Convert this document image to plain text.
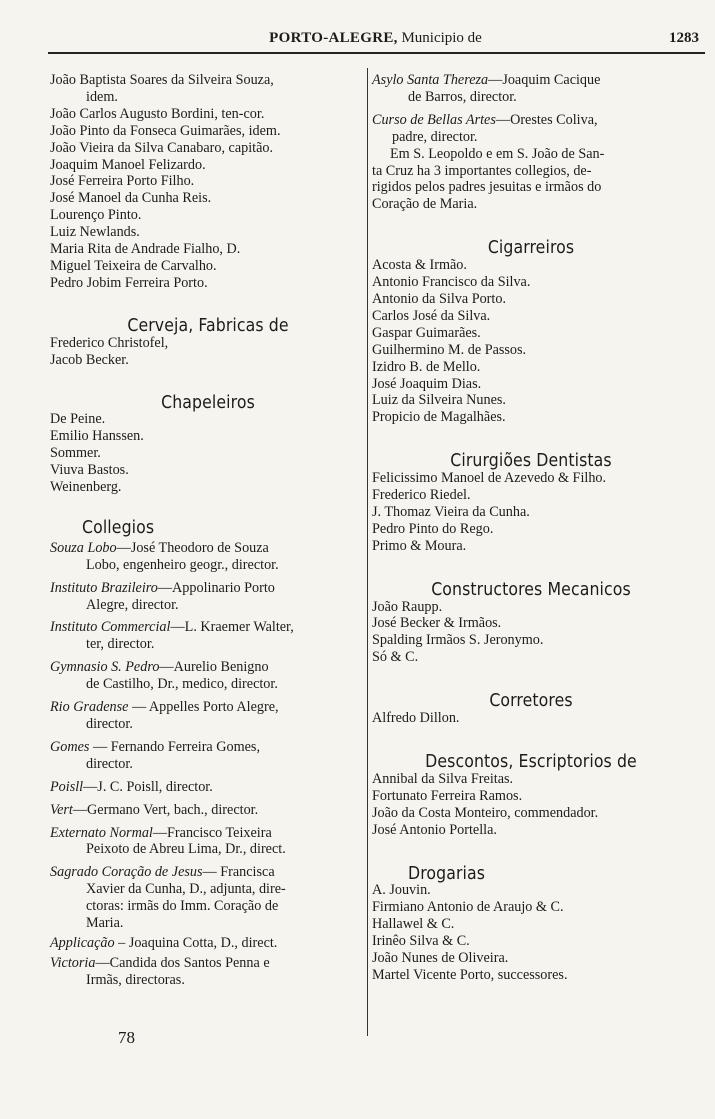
PORTO-ALEGRE, Municipio de	1283
João Baptista Soares da Silveira Souza,
idem.
João Carlos Augusto Bordini, ten-cor.
João Pinto da Fonseca Guimarães, idem.
João Vieira da Silva Canabaro, capitão.
Joaquim Manoel Felizardo.
José Ferreira Porto Filho.
José Manoel da Cunha Reis.
Lourenço Pinto.
Luiz Newlands.
Maria Rita de Andrade Fialho, D.
Miguel Teixeira de Carvalho.
Pedro Jobim Ferreira Porto.
Cerveja, Fabricas de
Frederico Christofel,
Jacob Becker.
Chapeleiros
De Peine.
Emilio Hanssen.
Sommer.
Viuva Bastos.
Weinenberg.
Collegios
Souza Lobo—José Theodoro de Souza
Lobo, engenheiro geogr., director.
Instituto Brazileiro—Appolinario Porto
Alegre, director.
Instituto Commercial—L. Kraemer Walter,
ter, director.
Gymnasio S. Pedro—Aurelio Benigno
de Castilho, Dr., medico, director.
Rio Gradense — Appelles Porto Alegre,
director.
Gomes — Fernando Ferreira Gomes,
director.
Poisll—J. C. Poisll, director.
Vert—Germano Vert, bach., director.
Externato Normal—Francisco Teixeira
Peixoto de Abreu Lima, Dr., direct.
Sagrado Coração de Jesus— Francisca
Xavier da Cunha, D., adjunta, dire-
ctoras: irmãs do Imm. Coração de
Maria.
Applicação – Joaquina Cotta, D., direct.
Victoria—Candida dos Santos Penna e
Irmãs, directoras.
78
Asylo Santa Thereza—Joaquim Cacique
de Barros, director.
Curso de Bellas Artes—Orestes Coliva,
padre, director.
Em S. Leopoldo e em S. João de San-
ta Cruz ha 3 importantes collegios, de-
rigidos pelos padres jesuitas e irmãos do
Coração de Maria.
Cigarreiros
Acosta & Irmão.
Antonio Francisco da Silva.
Antonio da Silva Porto.
Carlos José da Silva.
Gaspar Guimarães.
Guilhermino M. de Passos.
Izidro B. de Mello.
José Joaquim Dias.
Luiz da Silveira Nunes.
Propicio de Magalhães.
Cirurgiões Dentistas
Felicissimo Manoel de Azevedo & Filho.
Frederico Riedel.
J. Thomaz Vieira da Cunha.
Pedro Pinto do Rego.
Primo & Moura.
Constructores Mecanicos
João Raupp.
José Becker & Irmãos.
Spalding Irmãos S. Jeronymo.
Só & C.
Corretores
Alfredo Dillon.
Descontos, Escriptorios de
Annibal da Silva Freitas.
Fortunato Ferreira Ramos.
João da Costa Monteiro, commendador.
José Antonio Portella.
Drogarias
A. Jouvin.
Firmiano Antonio de Araujo & C.
Hallawel & C.
Irinêo Silva & C.
João Nunes de Oliveira.
Martel Vicente Porto, successores.
